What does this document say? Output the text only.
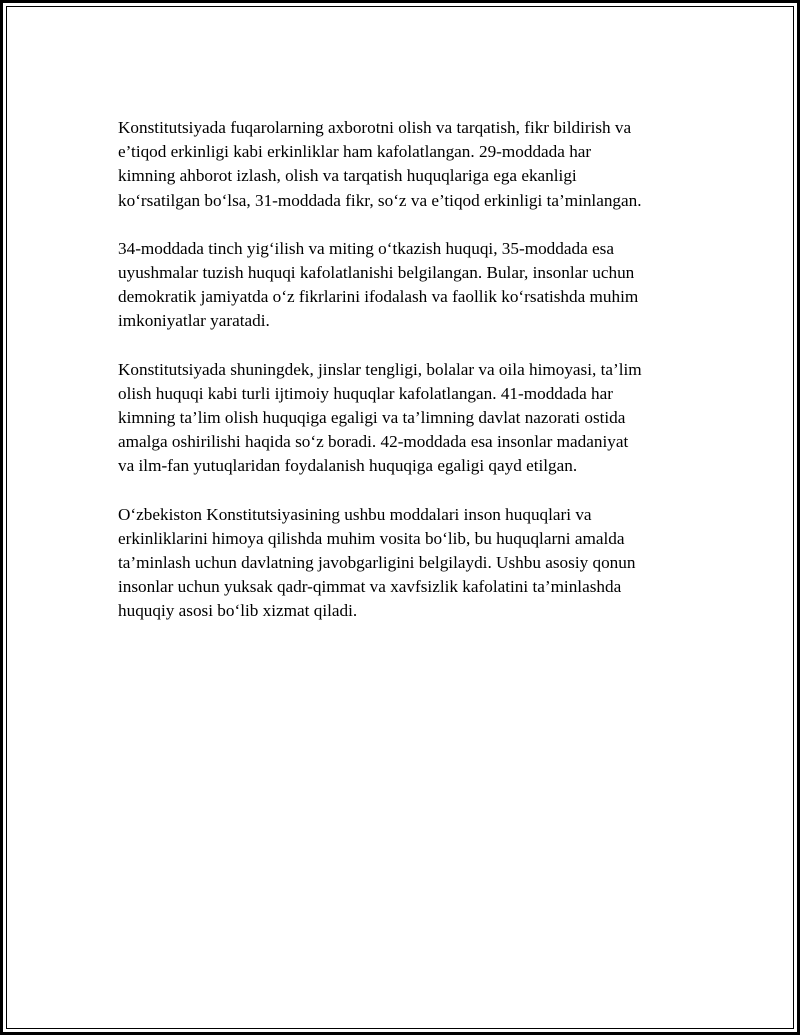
Konstitutsiyada fuqarolarning axborotni olish va tarqatish, fikr bildirish va
e’tiqod erkinligi kabi erkinliklar ham kafolatlangan. 29-moddada har
kimning ahborot izlash, olish va tarqatish huquqlariga ega ekanligi
ko‘rsatilgan bo‘lsa, 31-moddada fikr, so‘z va e’tiqod erkinligi ta’minlangan.

34-moddada tinch yig‘ilish va miting o‘tkazish huquqi, 35-moddada esa
uyushmalar tuzish huquqi kafolatlanishi belgilangan. Bular, insonlar uchun
demokratik jamiyatda o‘z fikrlarini ifodalash va faollik ko‘rsatishda muhim
imkoniyatlar yaratadi.

Konstitutsiyada shuningdek, jinslar tengligi, bolalar va oila himoyasi, ta’lim
olish huquqi kabi turli ijtimoiy huquqlar kafolatlangan. 41-moddada har
kimning ta’lim olish huquqiga egaligi va ta’limning davlat nazorati ostida
amalga oshirilishi haqida so‘z boradi. 42-moddada esa insonlar madaniyat
va ilm-fan yutuqlaridan foydalanish huquqiga egaligi qayd etilgan.

O‘zbekiston Konstitutsiyasining ushbu moddalari inson huquqlari va
erkinliklarini himoya qilishda muhim vosita bo‘lib, bu huquqlarni amalda
ta’minlash uchun davlatning javobgarligini belgilaydi. Ushbu asosiy qonun
insonlar uchun yuksak qadr-qimmat va xavfsizlik kafolatini ta’minlashda
huquqiy asosi bo‘lib xizmat qiladi.
